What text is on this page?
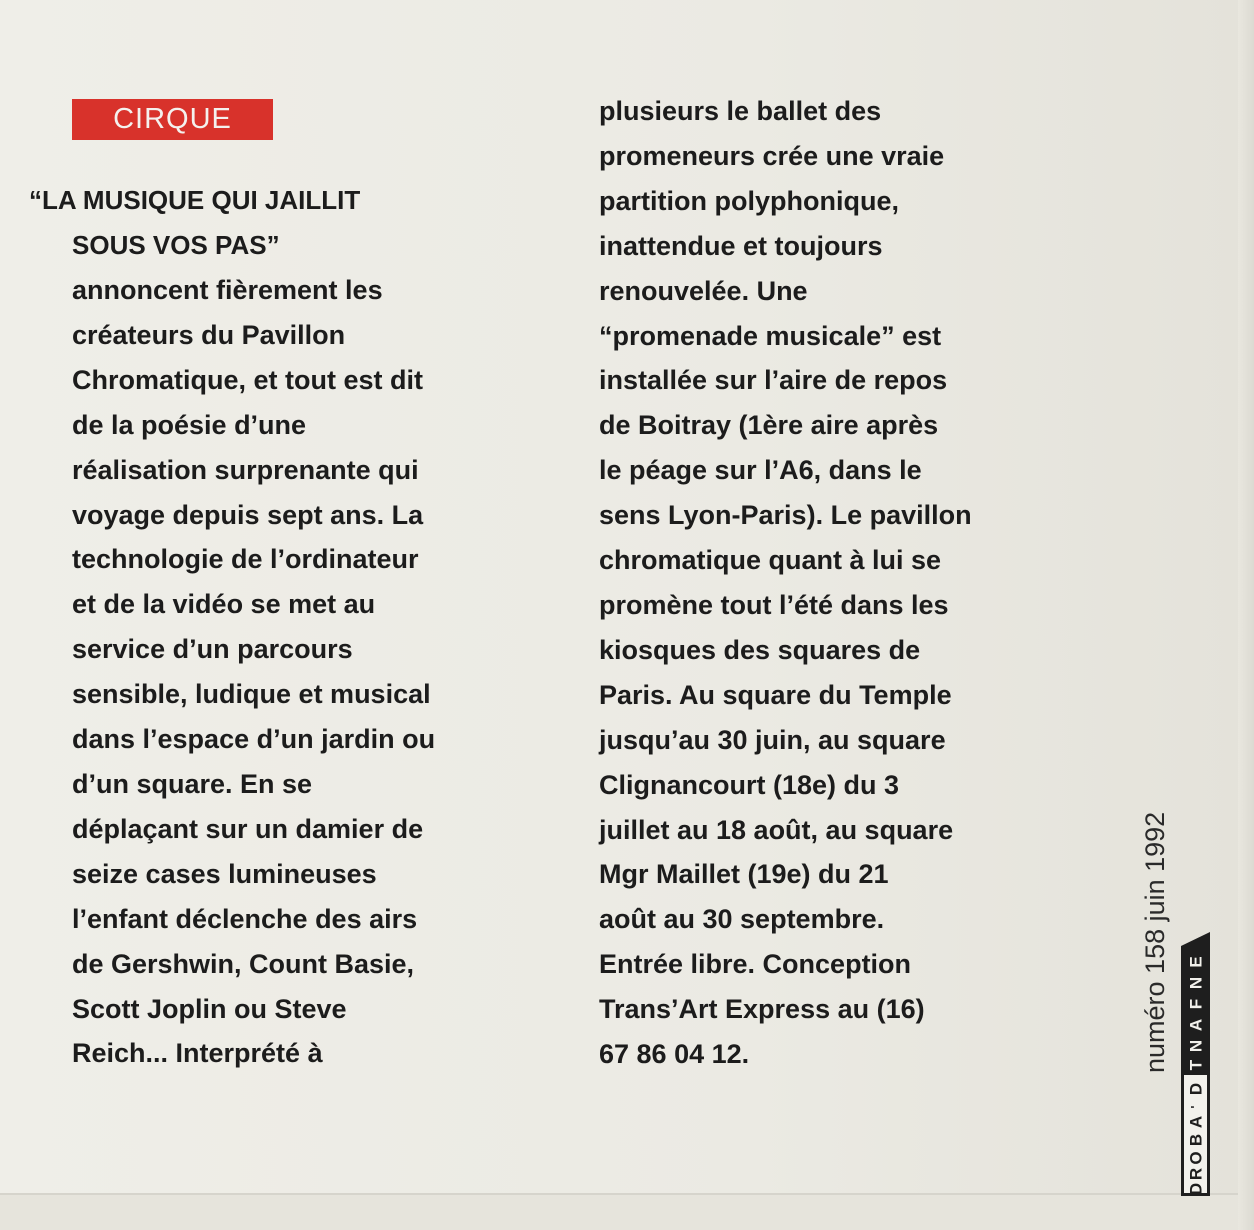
CIRQUE
“LA MUSIQUE QUI JAILLIT
SOUS VOS PAS”
annoncent fièrement les
créateurs du Pavillon
Chromatique, et tout est dit
de la poésie d’une
réalisation surprenante qui
voyage depuis sept ans. La
technologie de l’ordinateur
et de la vidéo se met au
service d’un parcours
sensible, ludique et musical
dans l’espace d’un jardin ou
d’un square. En se
déplaçant sur un damier de
seize cases lumineuses
l’enfant déclenche des airs
de Gershwin, Count Basie,
Scott Joplin ou Steve
Reich... Interprété à
plusieurs le ballet des
promeneurs crée une vraie
partition polyphonique,
inattendue et toujours
renouvelée. Une
“promenade musicale” est
installée sur l’aire de repos
de Boitray (1ère aire après
le péage sur l’A6, dans le
sens Lyon-Paris). Le pavillon
chromatique quant à lui se
promène tout l’été dans les
kiosques des squares de
Paris. Au square du Temple
jusqu’au 30 juin, au square
Clignancourt (18e) du 3
juillet au 18 août, au square
Mgr Maillet (19e) du 21
août au 30 septembre.
Entrée libre. Conception
Trans’Art Express au (16)
67 86 04 12.	numéro 158 juin 1992 E
N
F
A
N
T
D
'
A
B
O
R
D
